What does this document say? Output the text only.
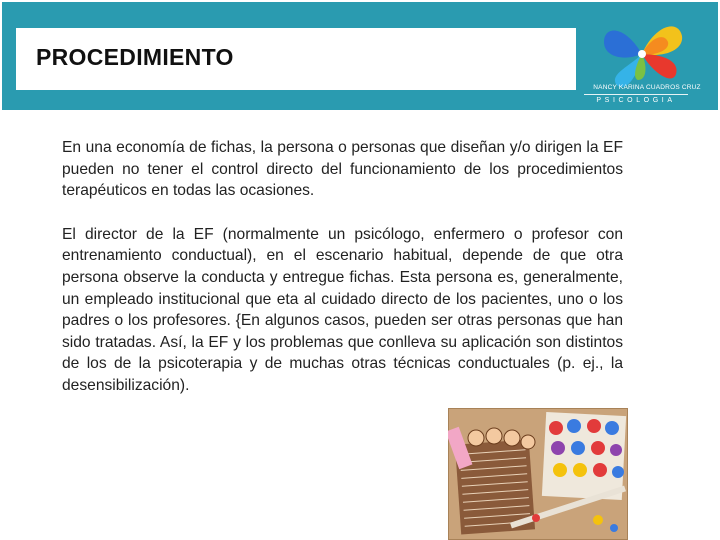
PROCEDIMIENTO
NANCY KARINA CUADROS CRUZ
PSICOLOGIA

En una economía de fichas, la persona o personas que diseñan y/o dirigen la EF pueden no tener el control directo del funcionamiento de los procedimientos terapéuticos en todas las ocasiones.

El director de la EF (normalmente un psicólogo, enfermero o profesor con entrenamiento conductual), en el escenario habitual, depende de que otra persona observe la conducta y entregue fichas. Esta persona es, generalmente, un empleado institucional que eta al cuidado directo de los pacientes, uno o los padres o los profesores. {En algunos casos, pueden ser otras personas que han sido tratadas. Así, la EF y los problemas que conlleva su aplicación son distintos de los de la psicoterapia y de muchas otras técnicas conductuales (p. ej., la desensibilización).
